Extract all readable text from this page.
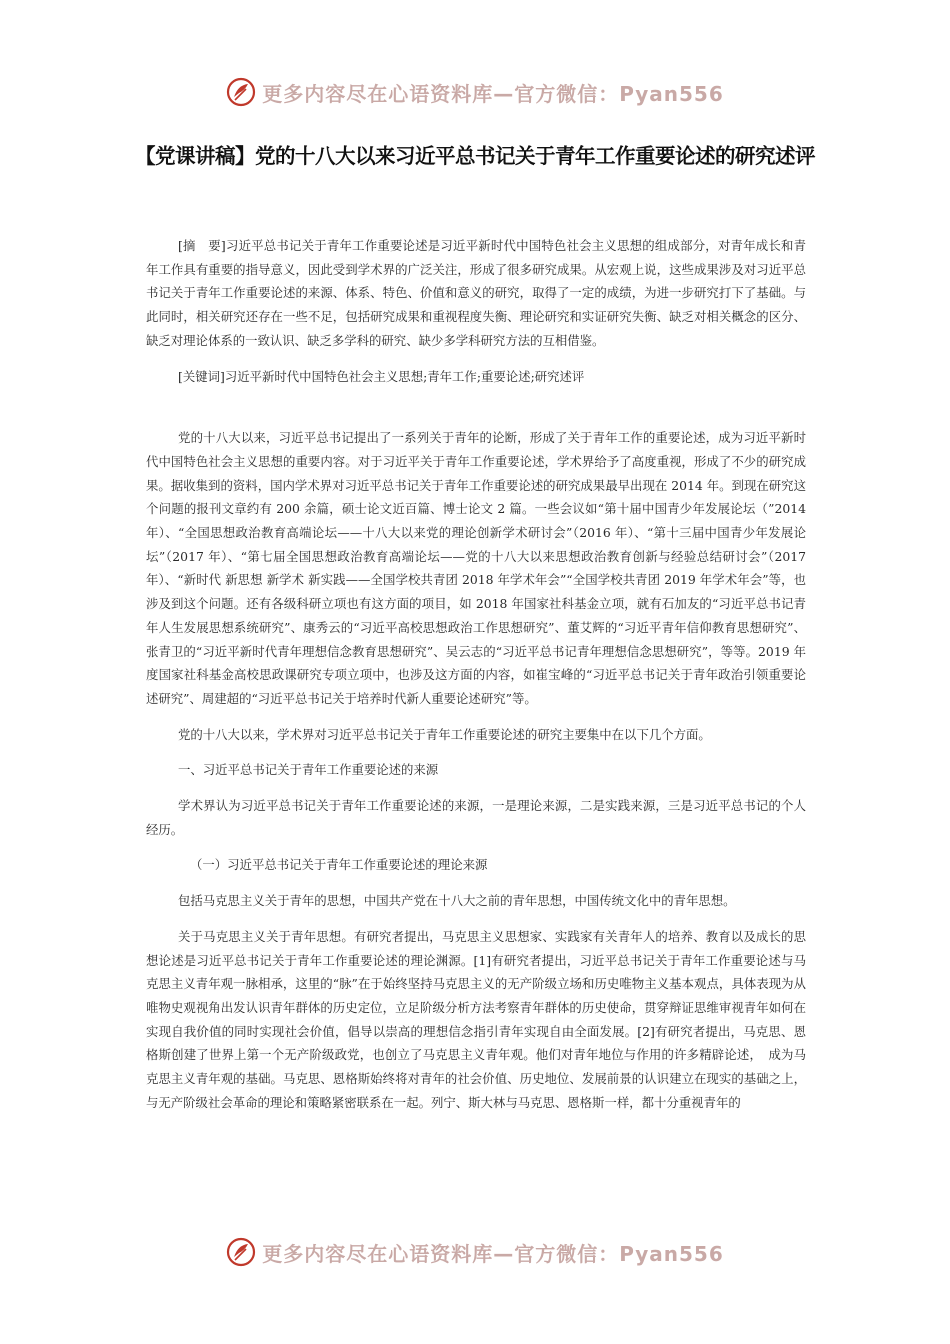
更多内容尽在心语资料库—官方微信：Pyan556
【党课讲稿】党的十八大以来习近平总书记关于青年工作重要论述的研究述评

[摘　要]习近平总书记关于青年工作重要论述是习近平新时代中国特色社会主义思想的组成部分，对青年成长和青年工作具有重要的指导意义，因此受到学术界的广泛关注，形成了很多研究成果。从宏观上说，这些成果涉及对习近平总书记关于青年工作重要论述的来源、体系、特色、价值和意义的研究，取得了一定的成绩，为进一步研究打下了基础。与此同时，相关研究还存在一些不足，包括研究成果和重视程度失衡、理论研究和实证研究失衡、缺乏对相关概念的区分、缺乏对理论体系的一致认识、缺乏多学科的研究、缺少多学科研究方法的互相借鉴。

[关键词]习近平新时代中国特色社会主义思想;青年工作;重要论述;研究述评

党的十八大以来，习近平总书记提出了一系列关于青年的论断，形成了关于青年工作的重要论述，成为习近平新时代中国特色社会主义思想的重要内容。对于习近平关于青年工作重要论述，学术界给予了高度重视，形成了不少的研究成果。据收集到的资料，国内学术界对习近平总书记关于青年工作重要论述的研究成果最早出现在 2014 年。到现在研究这个问题的报刊文章约有 200 余篇，硕士论文近百篇、博士论文 2 篇。一些会议如“第十届中国青少年发展论坛（”2014 年）、“全国思想政治教育高端论坛——十八大以来党的理论创新学术研讨会”（2016 年）、“第十三届中国青少年发展论坛”（2017 年）、“第七届全国思想政治教育高端论坛——党的十八大以来思想政治教育创新与经验总结研讨会”（2017 年）、“新时代 新思想 新学术 新实践——全国学校共青团 2018 年学术年会”“全国学校共青团 2019 年学术年会”等，也涉及到这个问题。还有各级科研立项也有这方面的项目，如 2018 年国家社科基金立项，就有石加友的“习近平总书记青年人生发展思想系统研究”、康秀云的“习近平高校思想政治工作思想研究”、董艾辉的“习近平青年信仰教育思想研究”、张青卫的“习近平新时代青年理想信念教育思想研究”、吴云志的“习近平总书记青年理想信念思想研究”，等等。2019 年度国家社科基金高校思政课研究专项立项中，也涉及这方面的内容，如崔宝峰的“习近平总书记关于青年政治引领重要论述研究”、周建超的“习近平总书记关于培养时代新人重要论述研究”等。

党的十八大以来，学术界对习近平总书记关于青年工作重要论述的研究主要集中在以下几个方面。

一、习近平总书记关于青年工作重要论述的来源

学术界认为习近平总书记关于青年工作重要论述的来源，一是理论来源，二是实践来源，三是习近平总书记的个人经历。

（一）习近平总书记关于青年工作重要论述的理论来源

包括马克思主义关于青年的思想，中国共产党在十八大之前的青年思想，中国传统文化中的青年思想。

关于马克思主义关于青年思想。有研究者提出，马克思主义思想家、实践家有关青年人的培养、教育以及成长的思想论述是习近平总书记关于青年工作重要论述的理论渊源。[1]有研究者提出，习近平总书记关于青年工作重要论述与马克思主义青年观一脉相承，这里的“脉”在于始终坚持马克思主义的无产阶级立场和历史唯物主义基本观点，具体表现为从唯物史观视角出发认识青年群体的历史定位，立足阶级分析方法考察青年群体的历史使命，贯穿辩证思维审视青年如何在实现自我价值的同时实现社会价值，倡导以崇高的理想信念指引青年实现自由全面发展。[2]有研究者提出，马克思、恩格斯创建了世界上第一个无产阶级政党，也创立了马克思主义青年观。他们对青年地位与作用的许多精辟论述，　成为马克思主义青年观的基础。马克思、恩格斯始终将对青年的社会价值、历史地位、发展前景的认识建立在现实的基础之上，与无产阶级社会革命的理论和策略紧密联系在一起。列宁、斯大林与马克思、恩格斯一样，都十分重视青年的

更多内容尽在心语资料库—官方微信：Pyan556
